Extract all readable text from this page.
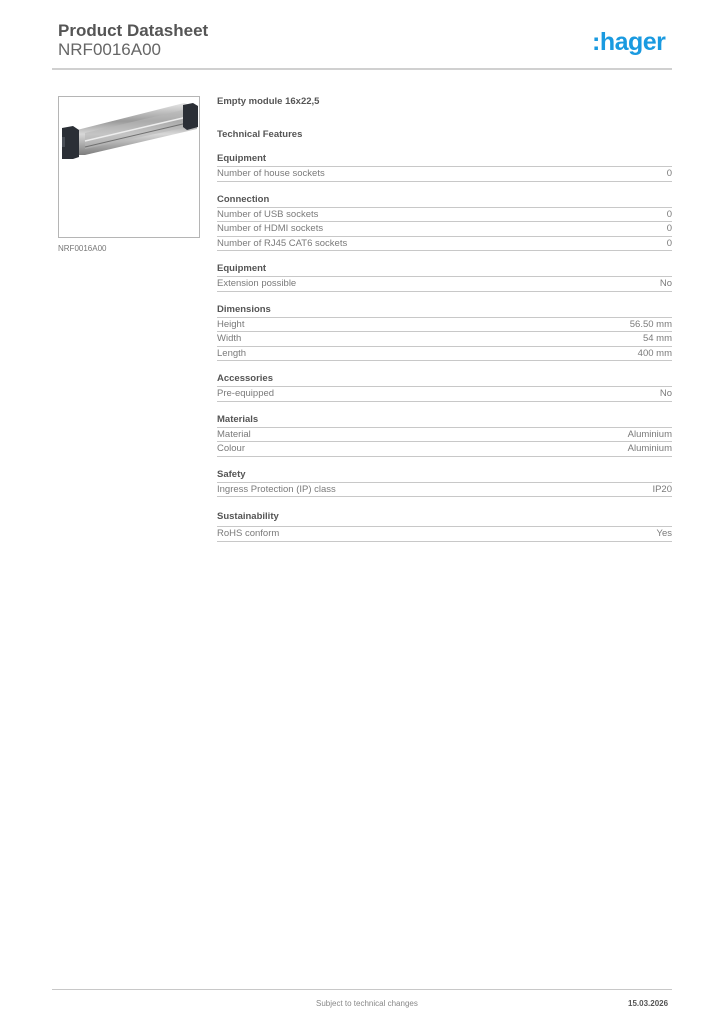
Product Datasheet
NRF0016A00	:hager
NRF0016A00
Empty module 16x22,5
Technical Features
Equipment
Number of house sockets	0
Connection
Number of USB sockets	0
Number of HDMI sockets	0
Number of RJ45 CAT6 sockets	0
Equipment
Extension possible	No
Dimensions
Height	56.50 mm
Width	54 mm
Length	400 mm
Accessories
Pre-equipped	No
Materials
Material	Aluminium
Colour	Aluminium
Safety
Ingress Protection (IP) class	IP20
Sustainability
RoHS conform	Yes
Subject to technical changes	15.03.2026
